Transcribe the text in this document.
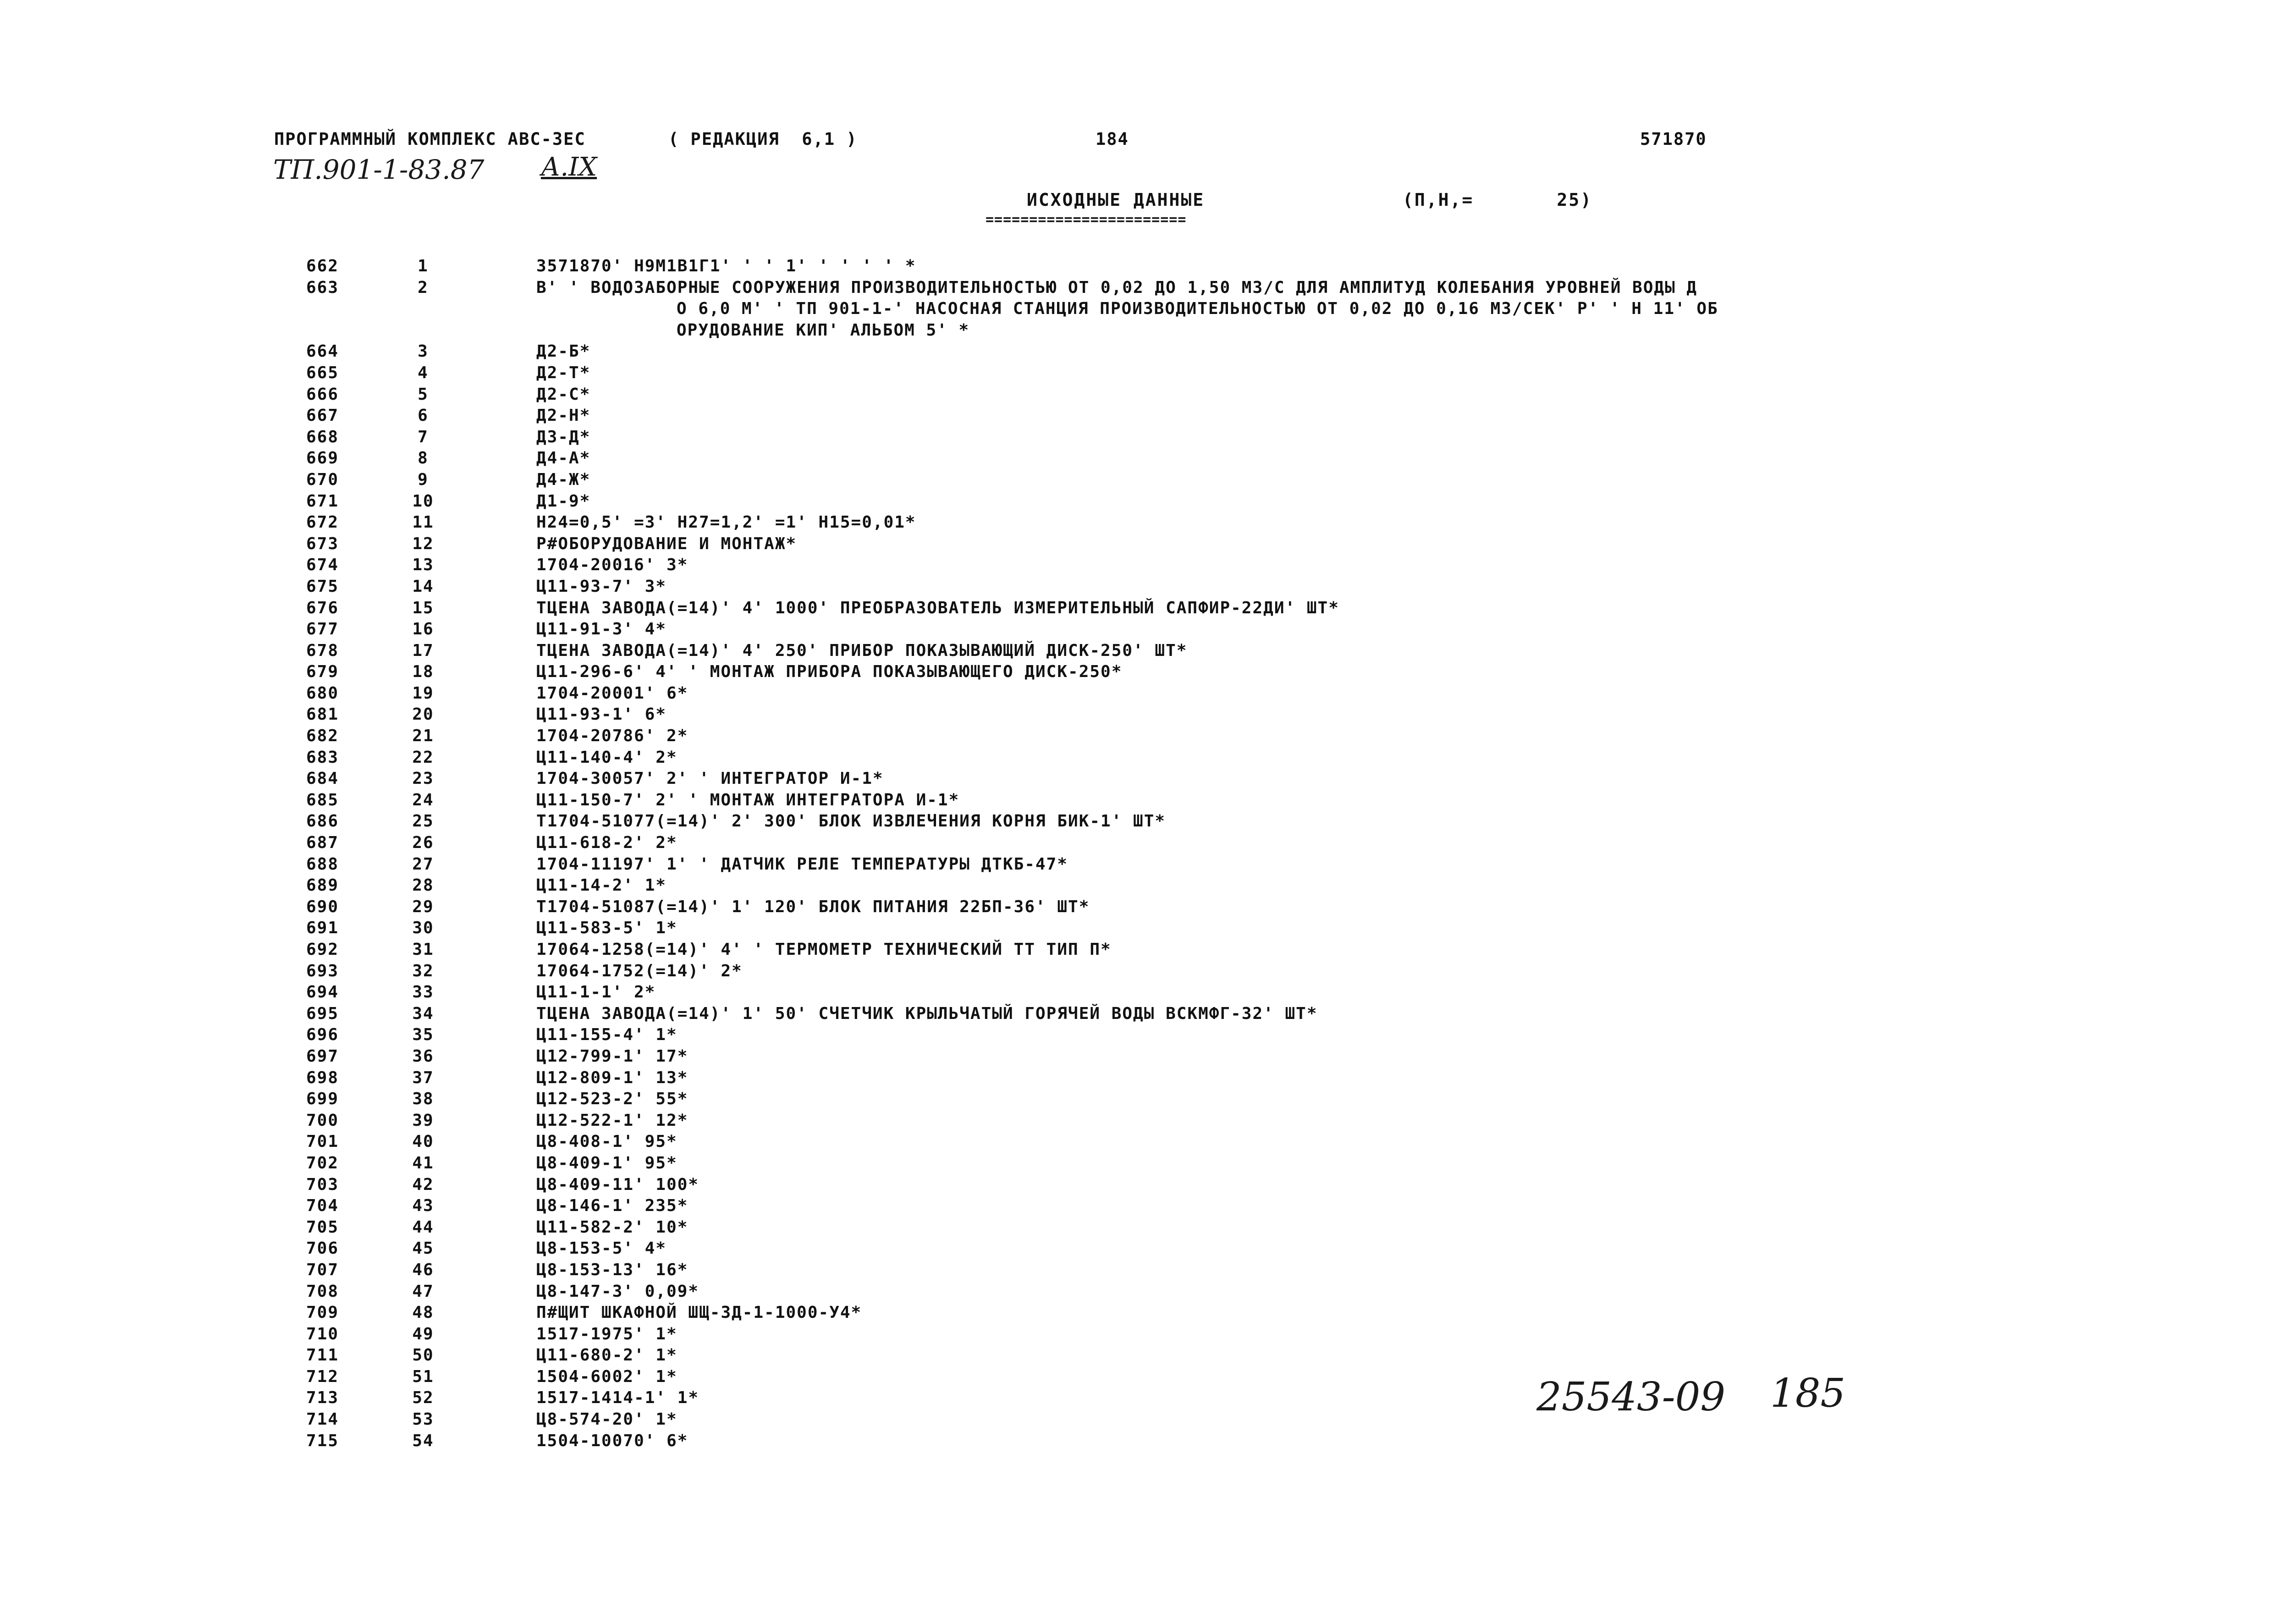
ПРОГРАММНЫЙ КОМПЛЕКС АВС-3ЕС

	( РЕДАКЦИЯ  6,1 )

	184

	571870

ТП.901-1-83.87 А.IX
ИСХОДНЫЕ ДАННЫЕ	(П,Н,=       25)
=======================
662	1	3571870' Н9М1В1Г1' ' ' 1' ' ' ' ' *
663	2	В' ' ВОДОЗАБОРНЫЕ СООРУЖЕНИЯ ПРОИЗВОДИТЕЛЬНОСТЬЮ ОТ 0,02 ДО 1,50 М3/С ДЛЯ АМПЛИТУД КОЛЕБАНИЯ УРОВНЕЙ ВОДЫ Д
О 6,0 М' ' ТП 901-1-' НАСОСНАЯ СТАНЦИЯ ПРОИЗВОДИТЕЛЬНОСТЬЮ ОТ 0,02 ДО 0,16 М3/СЕК' Р' ' Н 11' ОБ
ОРУДОВАНИЕ КИП' АЛЬБОМ 5' *
664	3	Д2-Б*
665	4	Д2-Т*
666	5	Д2-С*
667	6	Д2-Н*
668	7	Д3-Д*
669	8	Д4-А*
670	9	Д4-Ж*
671	10	Д1-9*
672	11	Н24=0,5' =3' Н27=1,2' =1' Н15=0,01*
673	12	Р#ОБОРУДОВАНИЕ И МОНТАЖ*
674	13	1704-20016' 3*
675	14	Ц11-93-7' 3*
676	15	ТЦЕНА ЗАВОДА(=14)' 4' 1000' ПРЕОБРАЗОВАТЕЛЬ ИЗМЕРИТЕЛЬНЫЙ САПФИР-22ДИ' ШТ*
677	16	Ц11-91-3' 4*
678	17	ТЦЕНА ЗАВОДА(=14)' 4' 250' ПРИБОР ПОКАЗЫВАЮЩИЙ ДИСК-250' ШТ*
679	18	Ц11-296-6' 4' ' МОНТАЖ ПРИБОРА ПОКАЗЫВАЮЩЕГО ДИСК-250*
680	19	1704-20001' 6*
681	20	Ц11-93-1' 6*
682	21	1704-20786' 2*
683	22	Ц11-140-4' 2*
684	23	1704-30057' 2' ' ИНТЕГРАТОР И-1*
685	24	Ц11-150-7' 2' ' МОНТАЖ ИНТЕГРАТОРА И-1*
686	25	Т1704-51077(=14)' 2' 300' БЛОК ИЗВЛЕЧЕНИЯ КОРНЯ БИК-1' ШТ*
687	26	Ц11-618-2' 2*
688	27	1704-11197' 1' ' ДАТЧИК РЕЛЕ ТЕМПЕРАТУРЫ ДТКБ-47*
689	28	Ц11-14-2' 1*
690	29	Т1704-51087(=14)' 1' 120' БЛОК ПИТАНИЯ 22БП-36' ШТ*
691	30	Ц11-583-5' 1*
692	31	17064-1258(=14)' 4' ' ТЕРМОМЕТР ТЕХНИЧЕСКИЙ ТТ ТИП П*
693	32	17064-1752(=14)' 2*
694	33	Ц11-1-1' 2*
695	34	ТЦЕНА ЗАВОДА(=14)' 1' 50' СЧЕТЧИК КРЫЛЬЧАТЫЙ ГОРЯЧЕЙ ВОДЫ ВСКМФГ-32' ШТ*
696	35	Ц11-155-4' 1*
697	36	Ц12-799-1' 17*
698	37	Ц12-809-1' 13*
699	38	Ц12-523-2' 55*
700	39	Ц12-522-1' 12*
701	40	Ц8-408-1' 95*
702	41	Ц8-409-1' 95*
703	42	Ц8-409-11' 100*
704	43	Ц8-146-1' 235*
705	44	Ц11-582-2' 10*
706	45	Ц8-153-5' 4*
707	46	Ц8-153-13' 16*
708	47	Ц8-147-3' 0,09*
709	48	П#ЩИТ ШКАФНОЙ ШЩ-ЗД-1-1000-У4*
710	49	1517-1975' 1*
711	50	Ц11-680-2' 1*
712	51	1504-6002' 1*
713	52	1517-1414-1' 1*
714	53	Ц8-574-20' 1*
715	54	1504-10070' 6*
25543-09 185
